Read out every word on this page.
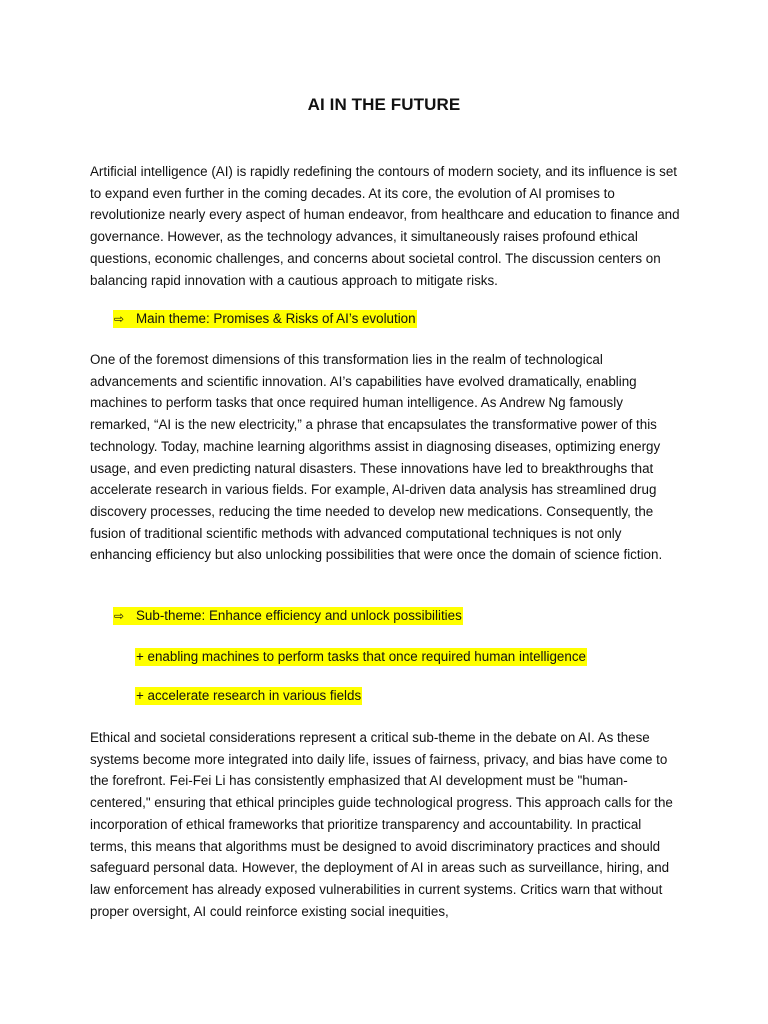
AI IN THE FUTURE

Artificial intelligence (AI) is rapidly redefining the contours of modern society, and its influence is set to expand even further in the coming decades. At its core, the evolution of AI promises to revolutionize nearly every aspect of human endeavor, from healthcare and education to finance and governance. However, as the technology advances, it simultaneously raises profound ethical questions, economic challenges, and concerns about societal control. The discussion centers on balancing rapid innovation with a cautious approach to mitigate risks.

⇨ Main theme: Promises & Risks of AI’s evolution

One of the foremost dimensions of this transformation lies in the realm of technological advancements and scientific innovation. AI’s capabilities have evolved dramatically, enabling machines to perform tasks that once required human intelligence. As Andrew Ng famously remarked, “AI is the new electricity,” a phrase that encapsulates the transformative power of this technology. Today, machine learning algorithms assist in diagnosing diseases, optimizing energy usage, and even predicting natural disasters. These innovations have led to breakthroughs that accelerate research in various fields. For example, AI-driven data analysis has streamlined drug discovery processes, reducing the time needed to develop new medications. Consequently, the fusion of traditional scientific methods with advanced computational techniques is not only enhancing efficiency but also unlocking possibilities that were once the domain of science fiction.

⇨ Sub-theme: Enhance efficiency and unlock possibilities
+ enabling machines to perform tasks that once required human intelligence
+ accelerate research in various fields

Ethical and societal considerations represent a critical sub-theme in the debate on AI. As these systems become more integrated into daily life, issues of fairness, privacy, and bias have come to the forefront. Fei-Fei Li has consistently emphasized that AI development must be "human-centered," ensuring that ethical principles guide technological progress. This approach calls for the incorporation of ethical frameworks that prioritize transparency and accountability. In practical terms, this means that algorithms must be designed to avoid discriminatory practices and should safeguard personal data. However, the deployment of AI in areas such as surveillance, hiring, and law enforcement has already exposed vulnerabilities in current systems. Critics warn that without proper oversight, AI could reinforce existing social inequities,
